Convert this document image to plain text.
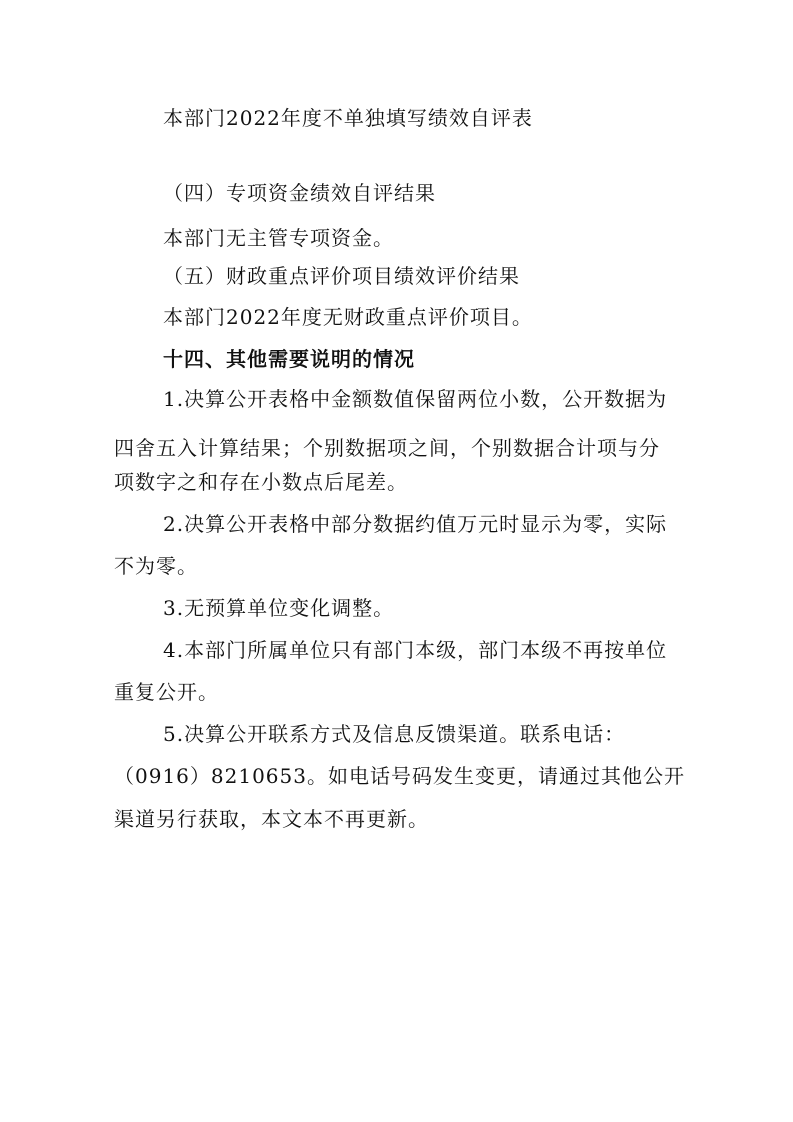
本部门2022年度不单独填写绩效自评表
（四）专项资金绩效自评结果
本部门无主管专项资金。
（五）财政重点评价项目绩效评价结果
本部门2022年度无财政重点评价项目。
十四、其他需要说明的情况
1.决算公开表格中金额数值保留两位小数，公开数据为
四舍五入计算结果；个别数据项之间，个别数据合计项与分
项数字之和存在小数点后尾差。
2.决算公开表格中部分数据约值万元时显示为零，实际
不为零。
3.无预算单位变化调整。
4.本部门所属单位只有部门本级，部门本级不再按单位
重复公开。
5.决算公开联系方式及信息反馈渠道。联系电话：
（0916）8210653。如电话号码发生变更，请通过其他公开
渠道另行获取，本文本不再更新。
